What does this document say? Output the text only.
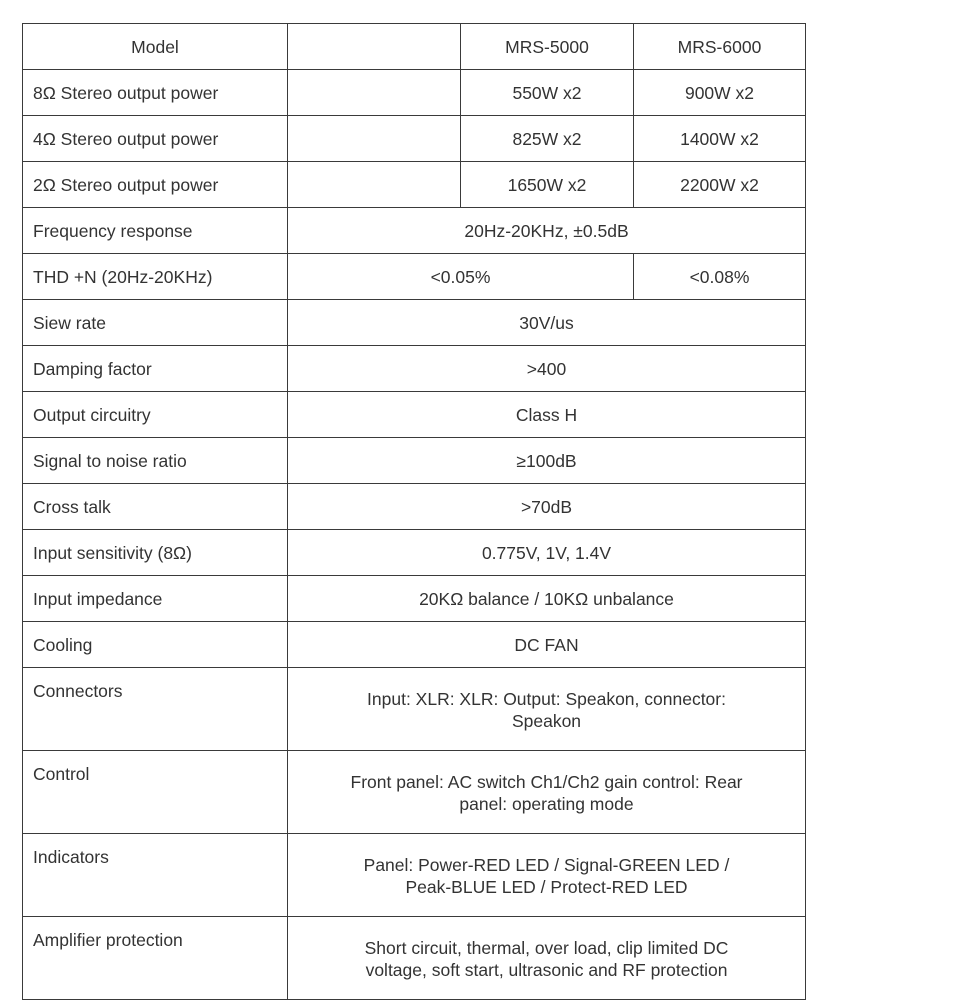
Model		MRS-5000	MRS-6000
8Ω Stereo output power		550W x2	900W x2
4Ω Stereo output power		825W x2	1400W x2
2Ω Stereo output power		1650W x2	2200W x2
Frequency response	20Hz-20KHz, ±0.5dB		
THD +N (20Hz-20KHz)	<0.05%		<0.08%
Siew rate	30V/us		
Damping factor	>400		
Output circuitry	Class H		
Signal to noise ratio	≥100dB		
Cross talk	>70dB		
Input sensitivity (8Ω)	0.775V, 1V, 1.4V		
Input impedance	20KΩ balance / 10KΩ unbalance		
Cooling	DC FAN		
Connectors	Input: XLR: XLR: Output: Speakon, connector:
Speakon		

Control	Front panel: AC switch Ch1/Ch2 gain control: Rear
panel: operating mode		

Indicators	Panel: Power-RED LED / Signal-GREEN LED /
Peak-BLUE LED / Protect-RED LED		

Amplifier protection	Short circuit, thermal, over load, clip limited DC
voltage, soft start, ultrasonic and RF protection		
